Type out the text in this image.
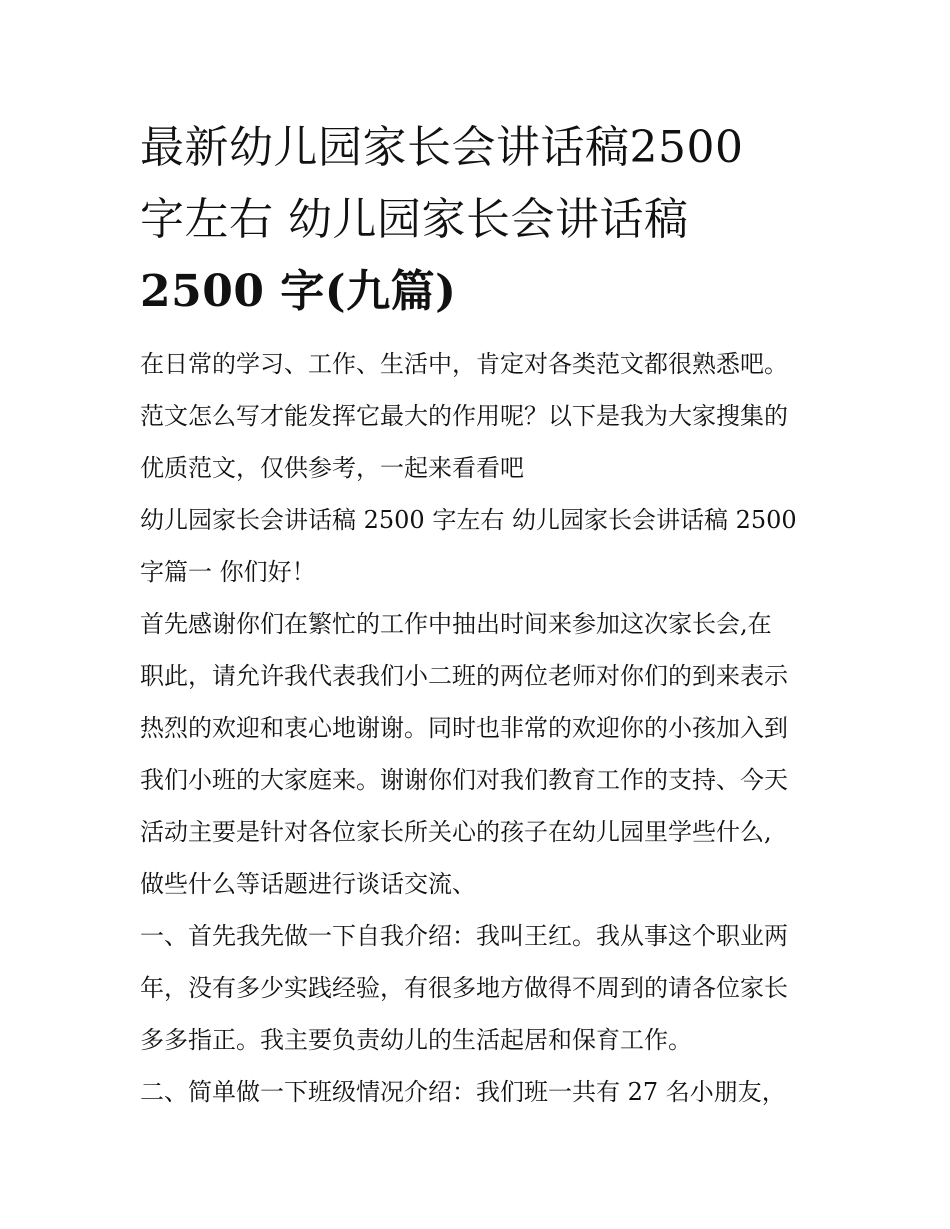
最新幼儿园家长会讲话稿2500
字左右 幼儿园家长会讲话稿
2500 字(九篇)

在日常的学习、工作、生活中，肯定对各类范文都很熟悉吧。
范文怎么写才能发挥它最大的作用呢？以下是我为大家搜集的
优质范文，仅供参考，一起来看看吧

幼儿园家长会讲话稿 2500 字左右 幼儿园家长会讲话稿 2500
字篇一 你们好！

首先感谢你们在繁忙的工作中抽出时间来参加这次家长会,在
职此，请允许我代表我们小二班的两位老师对你们的到来表示
热烈的欢迎和衷心地谢谢。同时也非常的欢迎你的小孩加入到
我们小班的大家庭来。谢谢你们对我们教育工作的支持、今天
活动主要是针对各位家长所关心的孩子在幼儿园里学些什么,
做些什么等话题进行谈话交流、

一、首先我先做一下自我介绍：我叫王红。我从事这个职业两
年，没有多少实践经验，有很多地方做得不周到的请各位家长
多多指正。我主要负责幼儿的生活起居和保育工作。

二、简单做一下班级情况介绍：我们班一共有 27 名小朋友，
